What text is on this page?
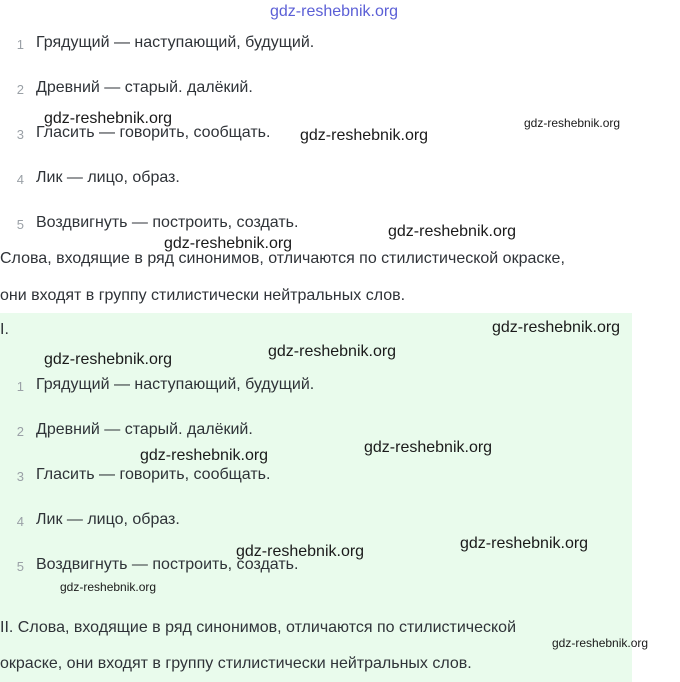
gdz-reshebnik.org
1 Грядущий — наступающий, будущий.
2 Древний — старый. далёкий.
3 Гласить — говорить, сообщать.
4 Лик — лицо, образ.
5 Воздвигнуть — построить, создать.
Слова, входящие в ряд синонимов, отличаются по стилистической окраске,
они входят в группу стилистически нейтральных слов.
I.
1 Грядущий — наступающий, будущий.
2 Древний — старый. далёкий.
3 Гласить — говорить, сообщать.
4 Лик — лицо, образ.
5 Воздвигнуть — построить, создать.
II. Слова, входящие в ряд синонимов, отличаются по стилистической
окраске, они входят в группу стилистически нейтральных слов.
gdz-reshebnik.org
gdz-reshebnik.org
gdz-reshebnik.org
gdz-reshebnik.org
gdz-reshebnik.org
gdz-reshebnik.org
gdz-reshebnik.org
gdz-reshebnik.org
gdz-reshebnik.org
gdz-reshebnik.org
gdz-reshebnik.org
gdz-reshebnik.org
gdz-reshebnik.org
gdz-reshebnik.org
